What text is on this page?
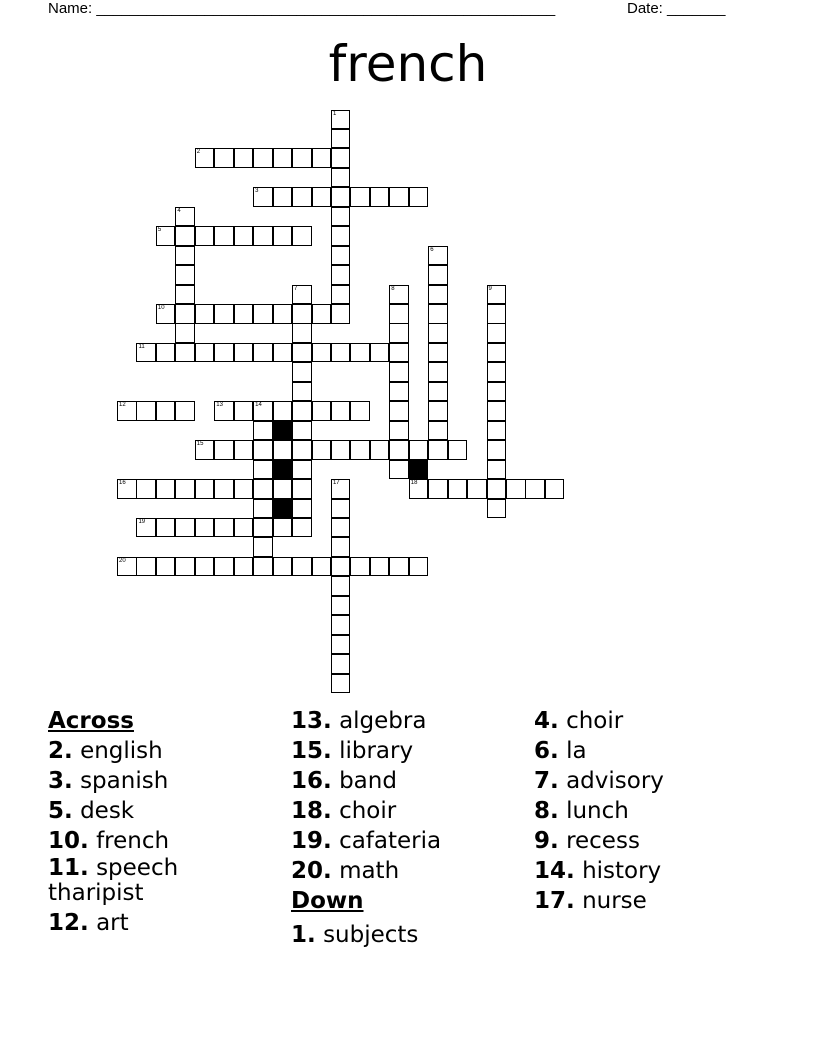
Name: _______________________________________________________	Date: _______
french
1
2
3
4
5
6
7	8	9
10
11
12	13	14
15
16	17	18
19
20
Across
2. english
3. spanish
5. desk
10. french
11. speech tharipist
12. art
13. algebra
15. library
16. band
18. choir
19. cafateria
20. math
Down
1. subjects
4. choir
6. la
7. advisory
8. lunch
9. recess
14. history
17. nurse
